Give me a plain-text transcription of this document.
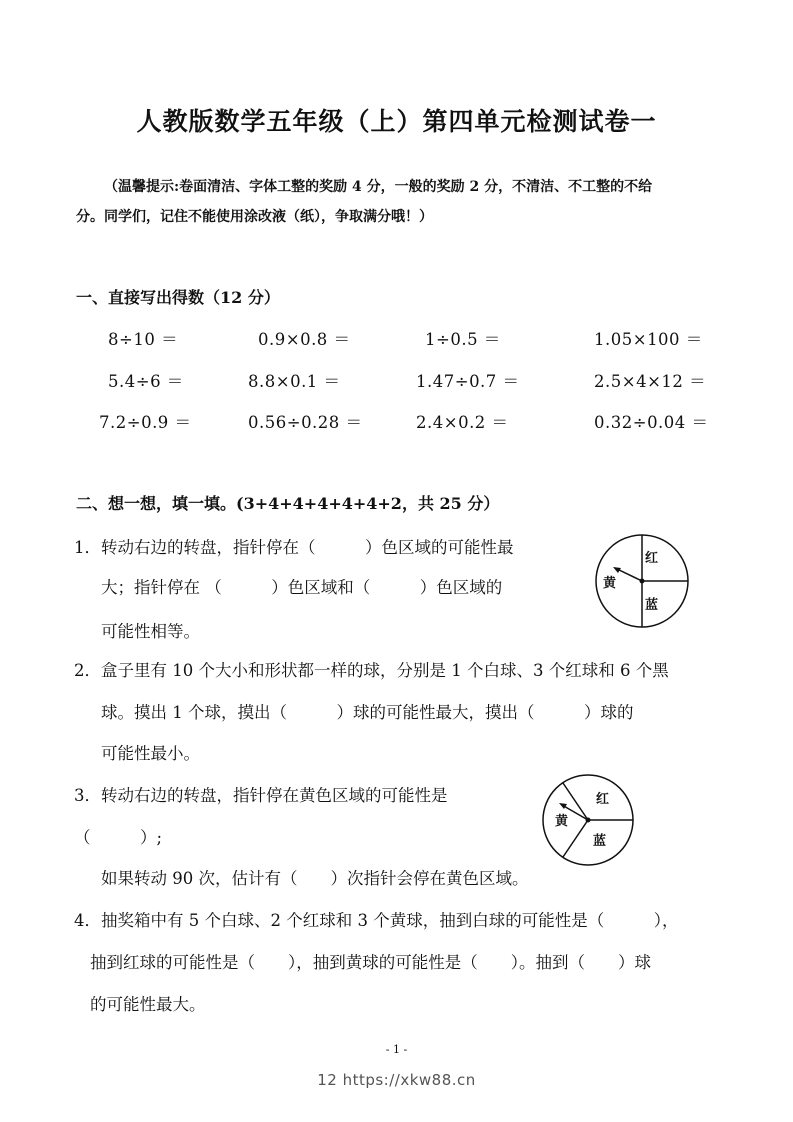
人教版数学五年级（上）第四单元检测试卷一
（温馨提示:卷面清洁、字体工整的奖励 4 分，一般的奖励 2 分，不清洁、不工整的不给
分。同学们，记住不能使用涂改液（纸），争取满分哦！）
一、直接写出得数（12 分）
8÷10 ＝	0.9×0.8 ＝	1÷0.5 ＝	1.05×100 ＝
5.4÷6 ＝	8.8×0.1 ＝	1.47÷0.7 ＝	2.5×4×12 ＝
7.2÷0.9 ＝	0.56÷0.28 ＝	2.4×0.2 ＝	0.32÷0.04 ＝
二、想一想，填一填。(3+4+4+4+4+4+2，共 25 分）
1．转动右边的转盘，指针停在（　　　）色区域的可能性最
大；指针停在 （　　　）色区域和（　　　）色区域的
可能性相等。
红
黄
蓝
2．盒子里有 10 个大小和形状都一样的球，分别是 1 个白球、3 个红球和 6 个黑
球。摸出 1 个球，摸出（　　　）球的可能性最大，摸出（　　　）球的
可能性最小。
3．转动右边的转盘，指针停在黄色区域的可能性是
（　　　）;
如果转动 90 次，估计有（　　）次指针会停在黄色区域。
红
黄
蓝
4．抽奖箱中有 5 个白球、2 个红球和 3 个黄球，抽到白球的可能性是（　　　），
抽到红球的可能性是（　　），抽到黄球的可能性是（　　）。抽到（　　）球
的可能性最大。
- 1 -
12 https://xkw88.cn
